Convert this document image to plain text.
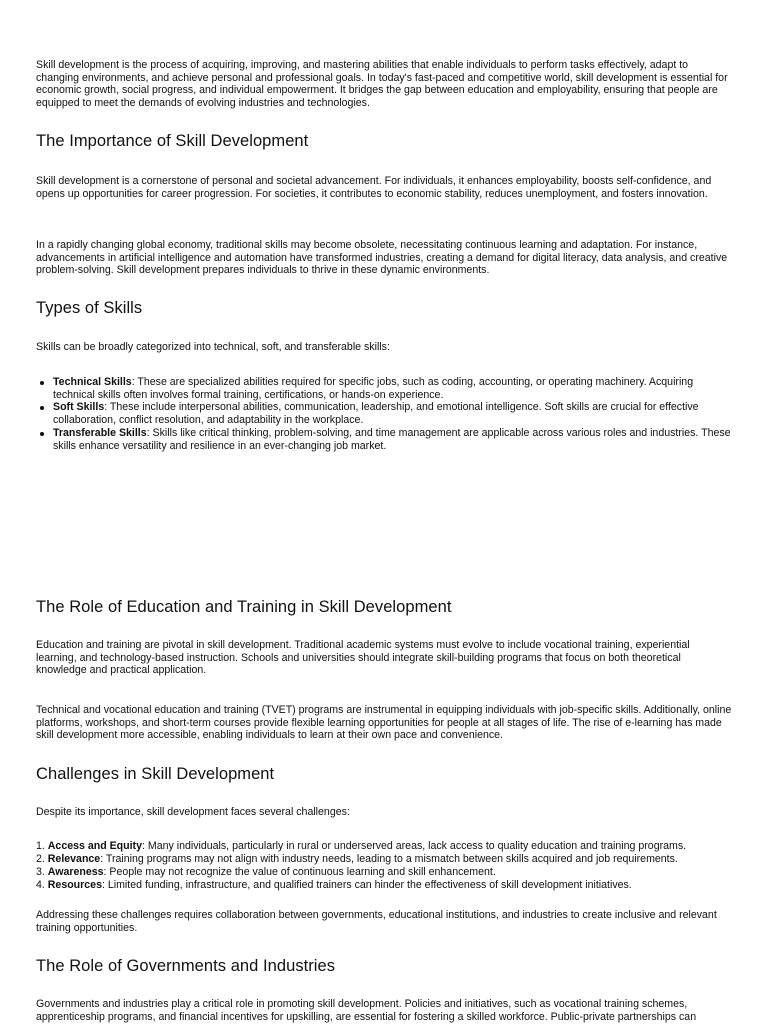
Skill development is the process of acquiring, improving, and mastering abilities that enable individuals to perform tasks effectively, adapt to changing environments, and achieve personal and professional goals. In today's fast-paced and competitive world, skill development is essential for economic growth, social progress, and individual empowerment. It bridges the gap between education and employability, ensuring that people are equipped to meet the demands of evolving industries and technologies.

The Importance of Skill Development

Skill development is a cornerstone of personal and societal advancement. For individuals, it enhances employability, boosts self-confidence, and opens up opportunities for career progression. For societies, it contributes to economic stability, reduces unemployment, and fosters innovation.

In a rapidly changing global economy, traditional skills may become obsolete, necessitating continuous learning and adaptation. For instance, advancements in artificial intelligence and automation have transformed industries, creating a demand for digital literacy, data analysis, and creative problem-solving. Skill development prepares individuals to thrive in these dynamic environments.

Types of Skills

Skills can be broadly categorized into technical, soft, and transferable skills:

Technical Skills: These are specialized abilities required for specific jobs, such as coding, accounting, or operating machinery. Acquiring technical skills often involves formal training, certifications, or hands-on experience.
Soft Skills: These include interpersonal abilities, communication, leadership, and emotional intelligence. Soft skills are crucial for effective collaboration, conflict resolution, and adaptability in the workplace.
Transferable Skills: Skills like critical thinking, problem-solving, and time management are applicable across various roles and industries. These skills enhance versatility and resilience in an ever-changing job market.
The Role of Education and Training in Skill Development

Education and training are pivotal in skill development. Traditional academic systems must evolve to include vocational training, experiential learning, and technology-based instruction. Schools and universities should integrate skill-building programs that focus on both theoretical knowledge and practical application.

Technical and vocational education and training (TVET) programs are instrumental in equipping individuals with job-specific skills. Additionally, online platforms, workshops, and short-term courses provide flexible learning opportunities for people at all stages of life. The rise of e-learning has made skill development more accessible, enabling individuals to learn at their own pace and convenience.

Challenges in Skill Development

Despite its importance, skill development faces several challenges:

1. Access and Equity: Many individuals, particularly in rural or underserved areas, lack access to quality education and training programs.
2. Relevance: Training programs may not align with industry needs, leading to a mismatch between skills acquired and job requirements.
3. Awareness: People may not recognize the value of continuous learning and skill enhancement.
4. Resources: Limited funding, infrastructure, and qualified trainers can hinder the effectiveness of skill development initiatives.

Addressing these challenges requires collaboration between governments, educational institutions, and industries to create inclusive and relevant training opportunities.

The Role of Governments and Industries

Governments and industries play a critical role in promoting skill development. Policies and initiatives, such as vocational training schemes, apprenticeship programs, and financial incentives for upskilling, are essential for fostering a skilled workforce. Public-private partnerships can
